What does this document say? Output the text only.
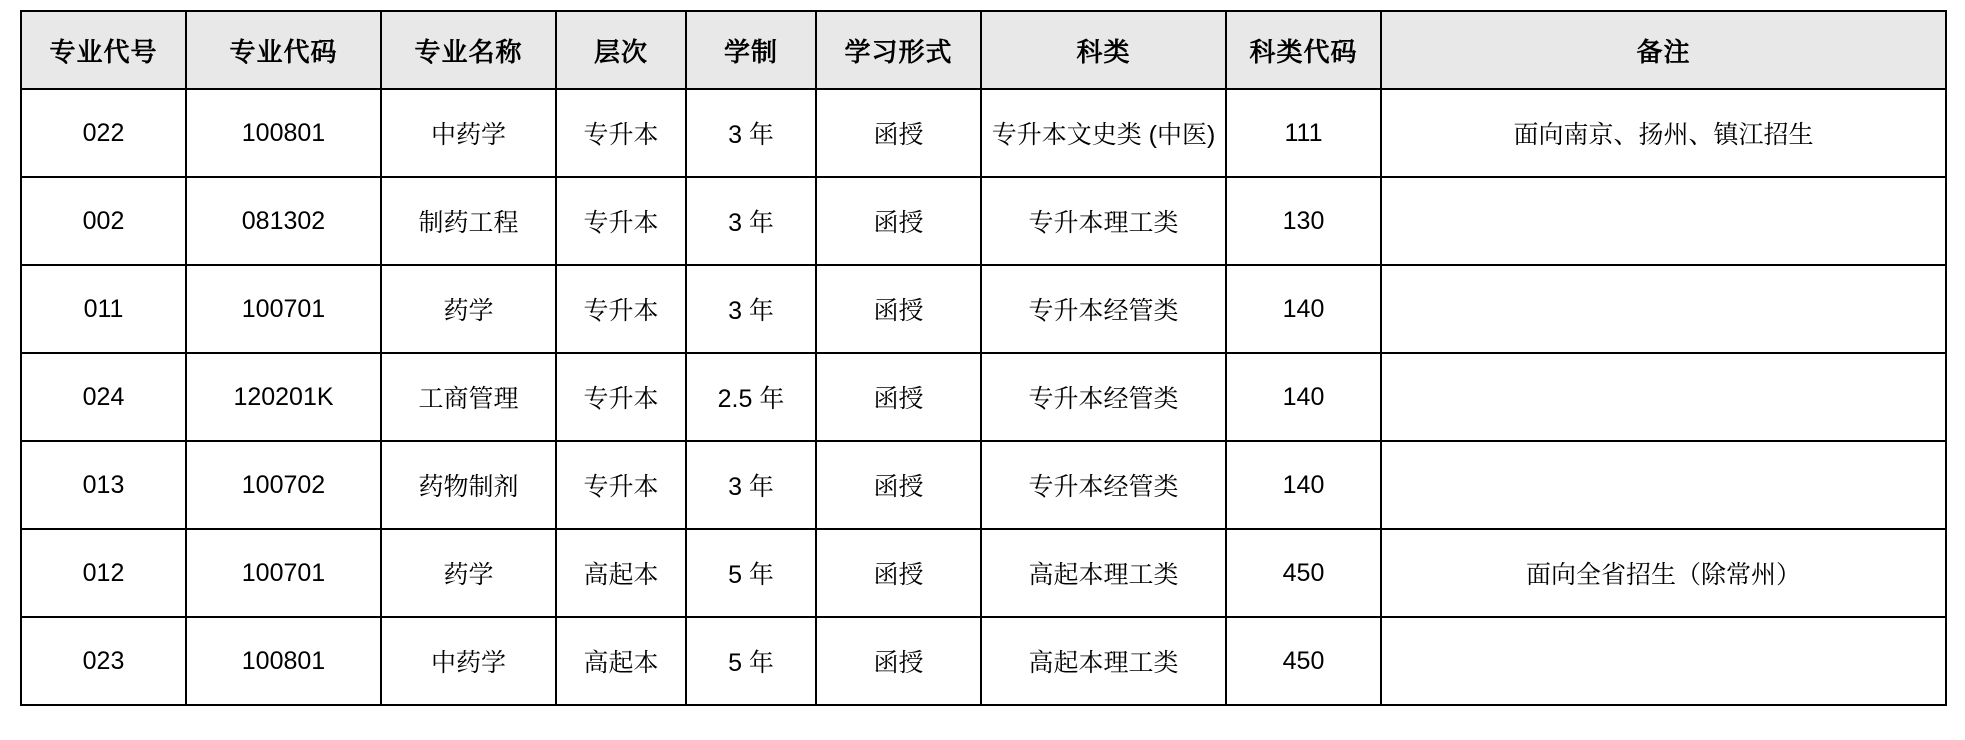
专业代号	专业代码	专业名称	层次	学制	学习形式	科类	科类代码	备注
022	100801	中药学	专升本	3 年	函授	专升本文史类 (中医)	111	面向南京、扬州、镇江招生
002	081302	制药工程	专升本	3 年	函授	专升本理工类	130	
011	100701	药学	专升本	3 年	函授	专升本经管类	140	
024	120201K	工商管理	专升本	2.5 年	函授	专升本经管类	140	
013	100702	药物制剂	专升本	3 年	函授	专升本经管类	140	
012	100701	药学	高起本	5 年	函授	高起本理工类	450	面向全省招生（除常州）
023	100801	中药学	高起本	5 年	函授	高起本理工类	450	
